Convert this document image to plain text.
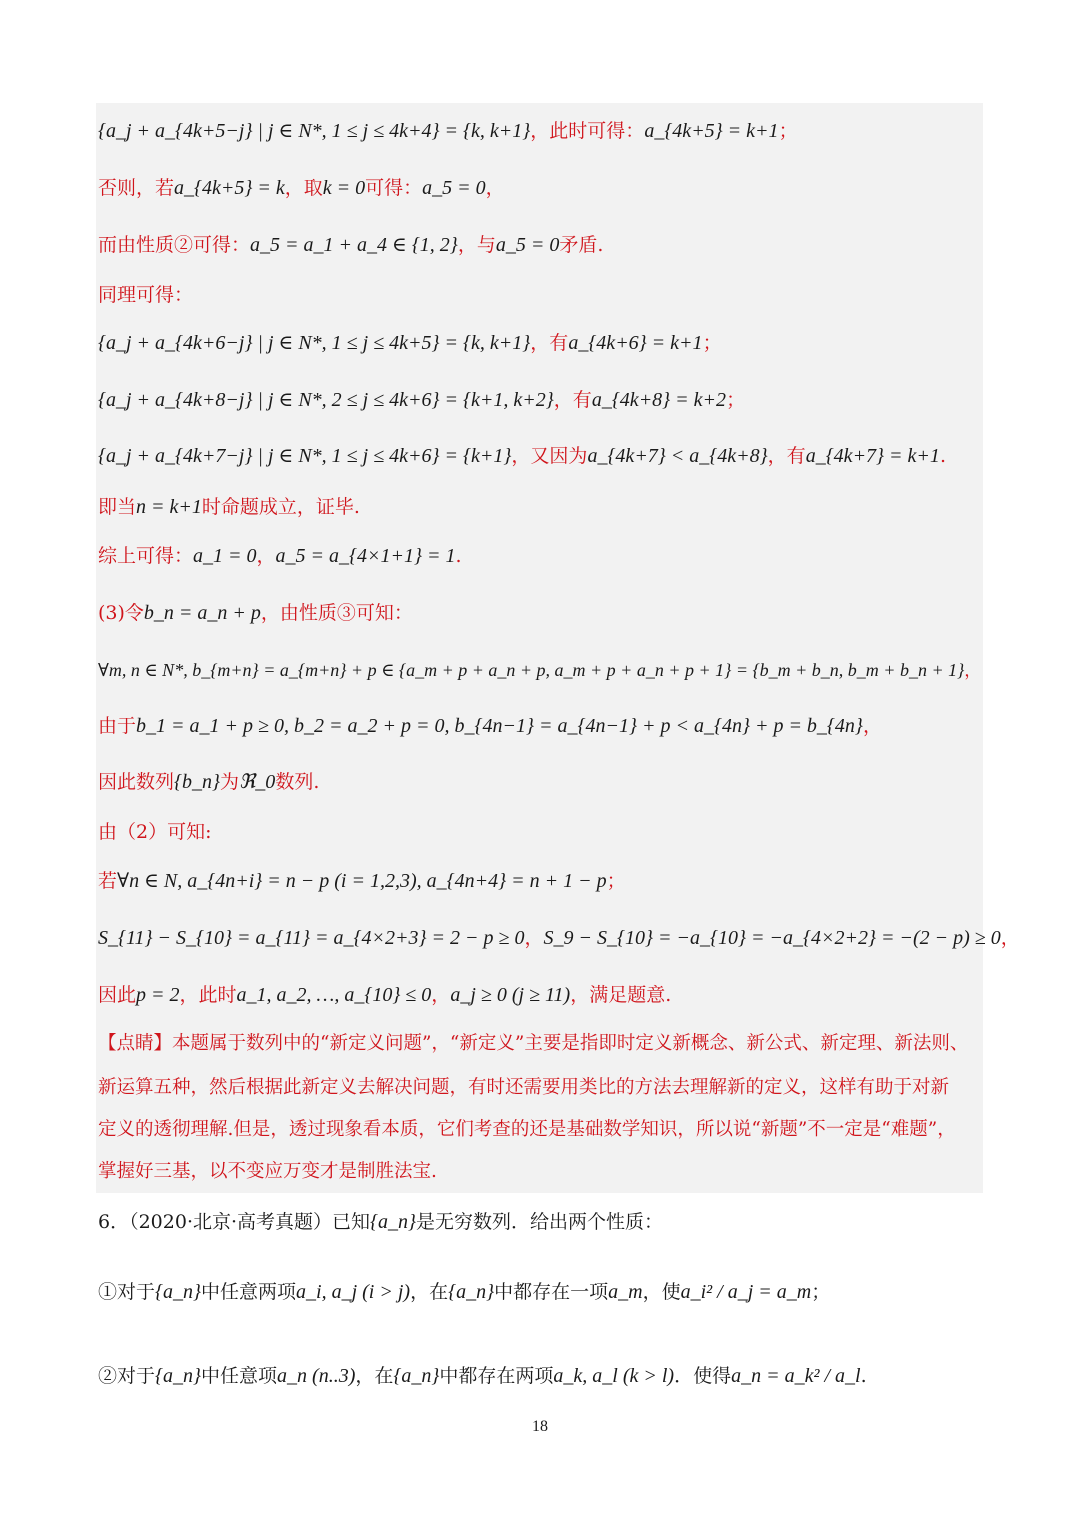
{a_j + a_{4k+5−j} | j ∈ N*, 1 ≤ j ≤ 4k+4} = {k, k+1}，此时可得：a_{4k+5} = k+1；
否则，若a_{4k+5} = k，取k = 0可得：a_5 = 0，
而由性质②可得：a_5 = a_1 + a_4 ∈ {1, 2}，与a_5 = 0矛盾.
同理可得：
{a_j + a_{4k+6−j} | j ∈ N*, 1 ≤ j ≤ 4k+5} = {k, k+1}，有a_{4k+6} = k+1；
{a_j + a_{4k+8−j} | j ∈ N*, 2 ≤ j ≤ 4k+6} = {k+1, k+2}，有a_{4k+8} = k+2；
{a_j + a_{4k+7−j} | j ∈ N*, 1 ≤ j ≤ 4k+6} = {k+1}，又因为a_{4k+7} < a_{4k+8}，有a_{4k+7} = k+1.
即当n = k+1时命题成立，证毕.
综上可得：a_1 = 0，a_5 = a_{4×1+1} = 1.
(3)令b_n = a_n + p，由性质③可知：
∀m, n ∈ N*, b_{m+n} = a_{m+n} + p ∈ {a_m + p + a_n + p, a_m + p + a_n + p + 1} = {b_m + b_n, b_m + b_n + 1}，
由于b_1 = a_1 + p ≥ 0, b_2 = a_2 + p = 0, b_{4n−1} = a_{4n−1} + p < a_{4n} + p = b_{4n}，
因此数列{b_n}为ℜ_0数列.
由（2）可知:
若∀n ∈ N, a_{4n+i} = n − p (i = 1,2,3), a_{4n+4} = n + 1 − p；
S_{11} − S_{10} = a_{11} = a_{4×2+3} = 2 − p ≥ 0，S_9 − S_{10} = −a_{10} = −a_{4×2+2} = −(2 − p) ≥ 0，
因此p = 2，此时a_1, a_2, …, a_{10} ≤ 0，a_j ≥ 0 (j ≥ 11)，满足题意.
【点睛】本题属于数列中的“新定义问题”，“新定义”主要是指即时定义新概念、新公式、新定理、新法则、
新运算五种，然后根据此新定义去解决问题，有时还需要用类比的方法去理解新的定义，这样有助于对新
定义的透彻理解.但是，透过现象看本质，它们考查的还是基础数学知识，所以说“新题”不一定是“难题”，
掌握好三基，以不变应万变才是制胜法宝.
6．（2020·北京·高考真题）已知{a_n}是无穷数列．给出两个性质：
①对于{a_n}中任意两项a_i, a_j (i > j)，在{a_n}中都存在一项a_m，使a_i² / a_j = a_m；
②对于{a_n}中任意项a_n (n..3)，在{a_n}中都存在两项a_k, a_l (k > l)．使得a_n = a_k² / a_l.
18
